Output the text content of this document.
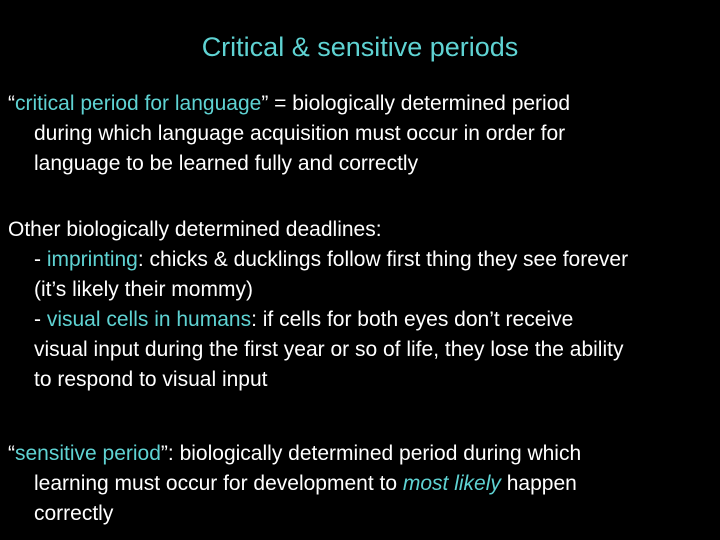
Critical & sensitive periods
“critical period for language” = biologically determined period
during which language acquisition must occur in order for
language to be learned fully and correctly
Other biologically determined deadlines:
- imprinting: chicks & ducklings follow first thing they see forever
(it’s likely their mommy)
- visual cells in humans: if cells for both eyes don’t receive
visual input during the first year or so of life, they lose the ability
to respond to visual input
“sensitive period”: biologically determined period during which
learning must occur for development to most likely happen
correctly
